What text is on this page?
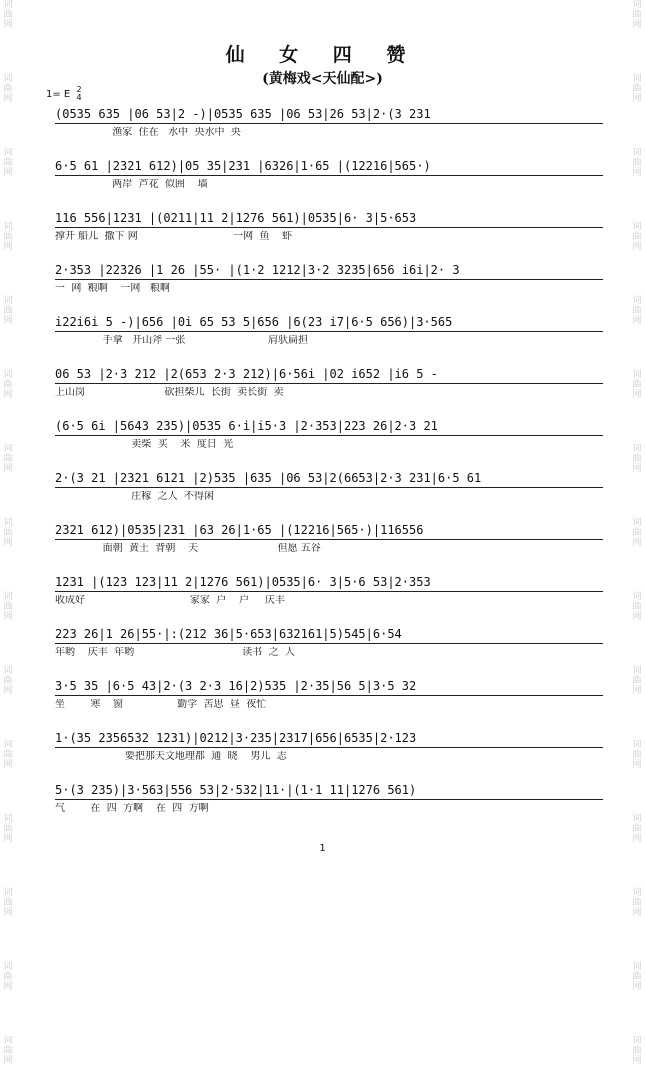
词曲网
词曲网
词曲网
词曲网
词曲网
词曲网
词曲网
词曲网
词曲网
词曲网
词曲网
词曲网
词曲网
词曲网
词曲网
词曲网
词曲网
词曲网
词曲网
词曲网
词曲网
词曲网
词曲网
词曲网
词曲网
词曲网
词曲网
词曲网
词曲网
词曲网
仙 女 四 赞
(黄梅戏<天仙配>)
1= E 2
4
(0535 635 |06 53|2 -)|0535 635 |06 53|26 53|2·(3 231
渔家  住在   水中  央水中  央
6·5 61 |2321 612)|05 35|231 |6326|1·65 |(12216|565·)
两岸  芦花  似囲    墙
116 556|1231 |(0211|11 2|1276 561)|0535|6· 3|5·653
撑开 船儿  撒下 网                              一网  鱼    虾
2·353 |22326 |1 26 |55· |(1·2 1212|3·2 3235|656 i6i|2· 3
一  网  粮啊    一网   粮啊
i22i6i 5 -)|656 |0i 65 53 5|656 |6(23 i7|6·5 656)|3·565
手拿   开山斧 一张                          肩驮扁担
06 53 |2·3 212 |2(653 2·3 212)|6·56i |02 i652 |i6 5 -
上山岗                         砍担柴儿  长街  卖长街  卖
(6·5 6i |5643 235)|0535 6·i|i5·3 |2·353|223 26|2·3 21
卖柴  买    米  度日  光
2·(3 21 |2321 6121 |2)535 |635 |06 53|2(6653|2·3 231|6·5 61
庄稼  之人  不得闲
2321 612)|0535|231 |63 26|1·65 |(12216|565·)|116556
面朝  黄土  背朝    天                         但愿 五谷
1231 |(123 123|11 2|1276 561)|0535|6· 3|5·6 53|2·353
收成好                                 家家  户    户     庆丰
223 26|1 26|55·|:(212 36|5·653|632161|5)545|6·54
年哟    庆丰  年哟                                  读书  之  人
3·5 35 |6·5 43|2·(3 2·3 16|2)535 |2·35|56 5|3·5 32
坐        寒    窗                 勤学  苦思  昼  夜忙
1·(35 2356532 1231)|0212|3·235|2317|656|6535|2·123
要把那天文地理都  通  晓    男儿  志
5·(3 235)|3·563|556 53|2·532|11·|(1·1 11|1276 561)
气        在  四  方啊    在  四  方啊
1
